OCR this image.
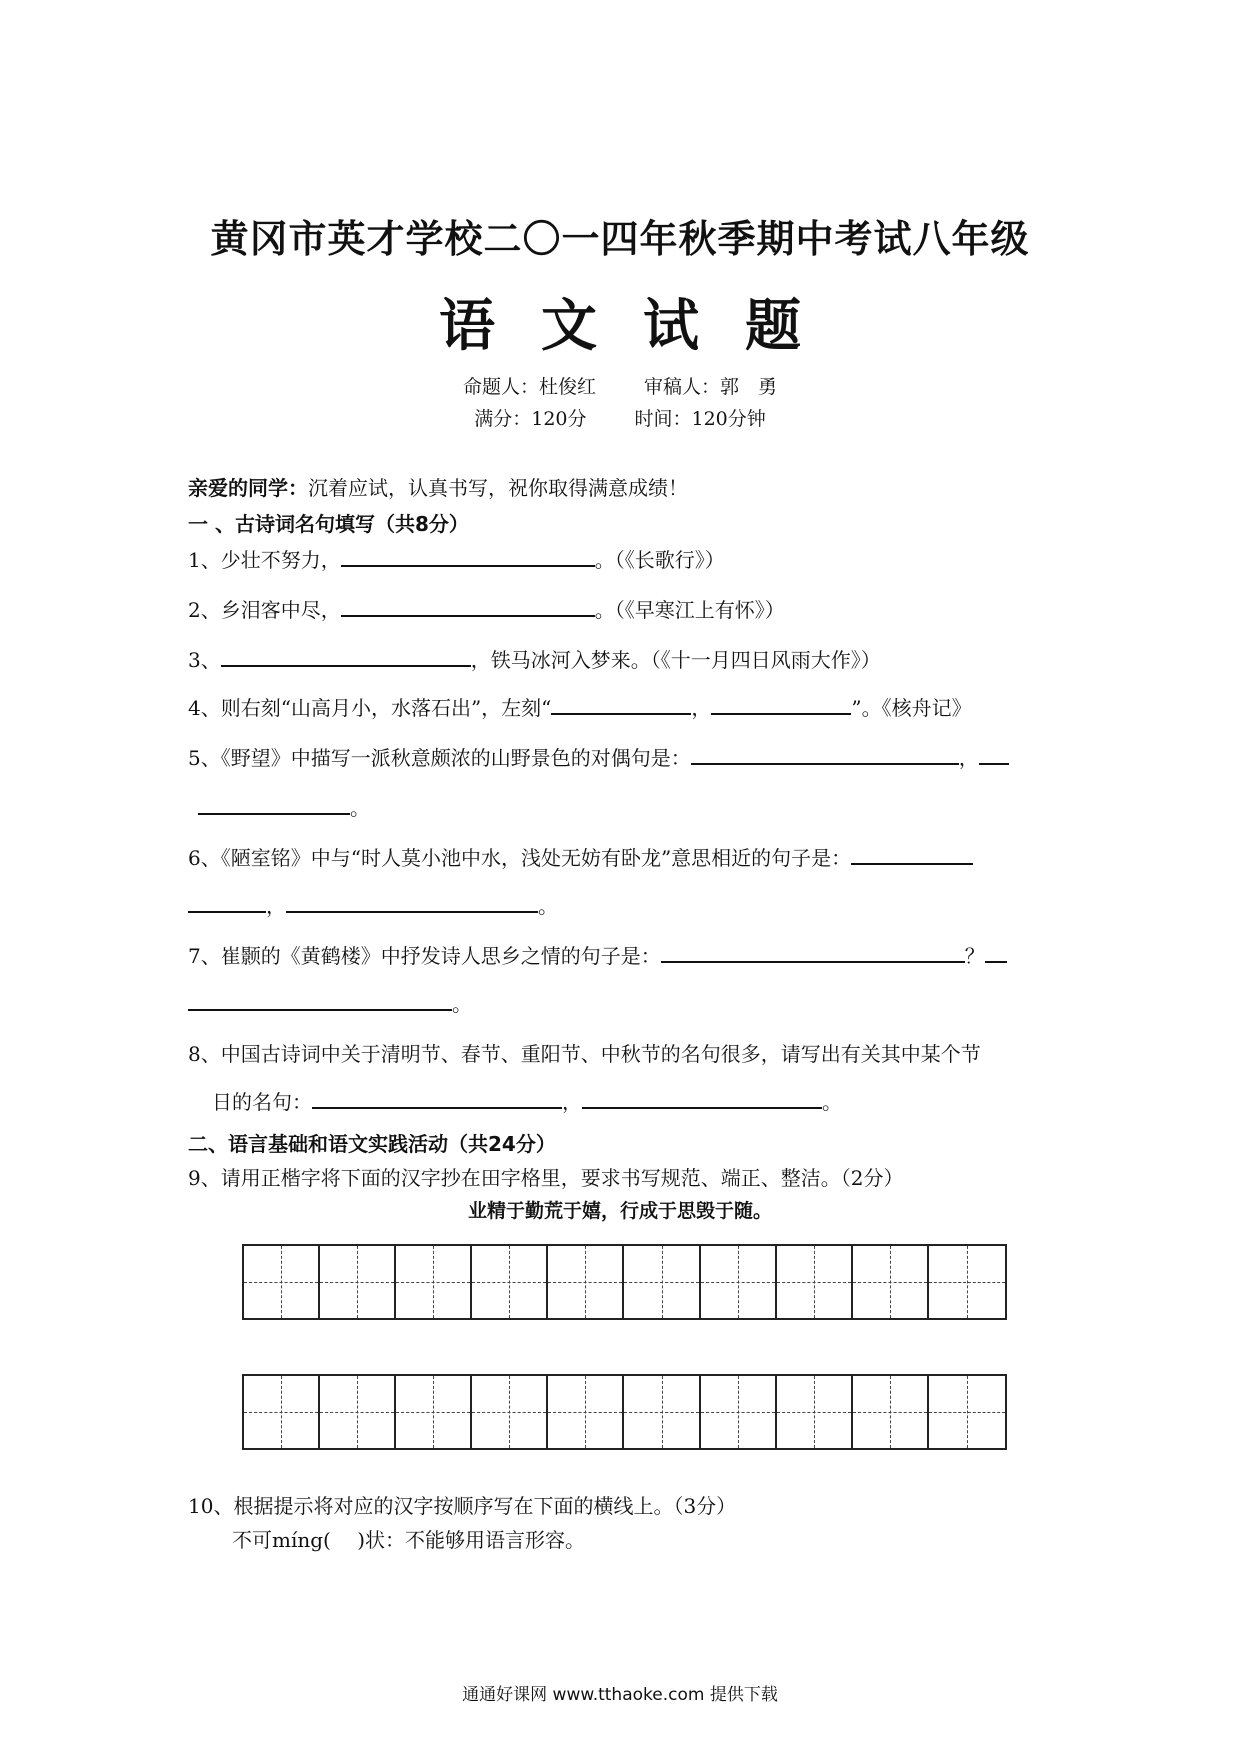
黄冈市英才学校二〇一四年秋季期中考试八年级
语文试题
命题人：杜俊红	审稿人：郭　勇
满分：120分	时间：120分钟
亲爱的同学：沉着应试，认真书写，祝你取得满意成绩！
一 、古诗词名句填写（共8分）
1、少壮不努力，	。（《长歌行》）
2、乡泪客中尽，	。（《早寒江上有怀》）
3、	，铁马冰河入梦来。（《十一月四日风雨大作》）
4、则右刻“山高月小，水落石出”，左刻“	，	”。《核舟记》
5、《野望》中描写一派秋意颇浓的山野景色的对偶句是：	，
。
6、《陋室铭》中与“时人莫小池中水，浅处无妨有卧龙”意思相近的句子是：
，	。
7、崔颢的《黄鹤楼》中抒发诗人思乡之情的句子是：	？
。
8、中国古诗词中关于清明节、春节、重阳节、中秋节的名句很多，请写出有关其中某个节
日的名句：	，	。
二、语言基础和语文实践活动（共24分）
9、请用正楷字将下面的汉字抄在田字格里，要求书写规范、端正、整洁。（2分）
业精于勤荒于嬉，行成于思毁于随。
10、根据提示将对应的汉字按顺序写在下面的横线上。（3分）
不可míng(　 )状：不能够用语言形容。
通通好课网 www.tthaoke.com 提供下载
